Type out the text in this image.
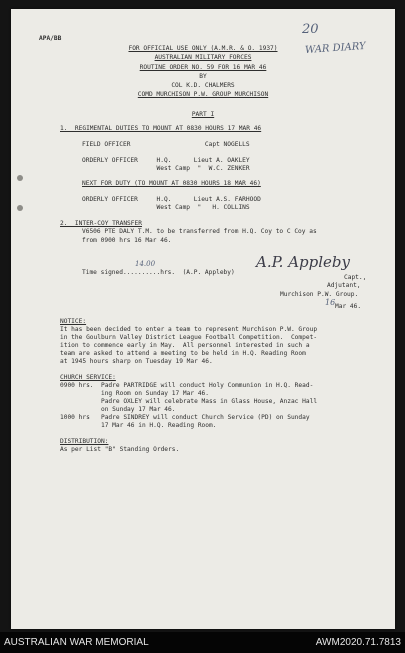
APA/BB
20
WAR DIARY
FOR OFFICIAL USE ONLY (A.M.R. & O. 1937)
AUSTRALIAN MILITARY FORCES
ROUTINE ORDER NO. 59 FOR 16 MAR 46
BY
COL K.D. CHALMERS
COMD MURCHISON P.W. GROUP MURCHISON
PART I
1.  REGIMENTAL DUTIES TO MOUNT AT 0830 HOURS 17 MAR 46
FIELD OFFICER                    Capt NOGELLS
ORDERLY OFFICER     H.Q.      Lieut A. OAKLEY
West Camp  "  W.C. ZENKER
NEXT FOR DUTY (TO MOUNT AT 0830 HOURS 18 MAR 46)
ORDERLY OFFICER     H.Q.      Lieut A.S. FARHOOD
West Camp  "   H. COLLINS
2.  INTER-COY TRANSFER
V6506 PTE DALY T.M. to be transferred from H.Q. Coy to C Coy as
from 0900 hrs 16 Mar 46.
Time signed..........hrs.  (A.P. Appleby)
14.00	A.P. Appleby
Capt.,
Adjutant,
Murchison P.W. Group.
16 Mar 46.
NOTICE:
It has been decided to enter a team to represent Murchison P.W. Group
in the Goulburn Valley District League Football Competition.  Compet-
ition to commence early in May.  All personnel interested in such a
team are asked to attend a meeting to be held in H.Q. Reading Room
at 1945 hours sharp on Tuesday 19 Mar 46.
CHURCH SERVICE:
0900 hrs.  Padre PARTRIDGE will conduct Holy Communion in H.Q. Read-
ing Room on Sunday 17 Mar 46.
Padre OXLEY will celebrate Mass in Glass House, Anzac Hall
on Sunday 17 Mar 46.
1000 hrs   Padre SINDREY will conduct Church Service (PD) on Sunday
17 Mar 46 in H.Q. Reading Room.
DISTRIBUTION:
As per List "B" Standing Orders.
AUSTRALIAN WAR MEMORIAL	AWM2020.71.7813
